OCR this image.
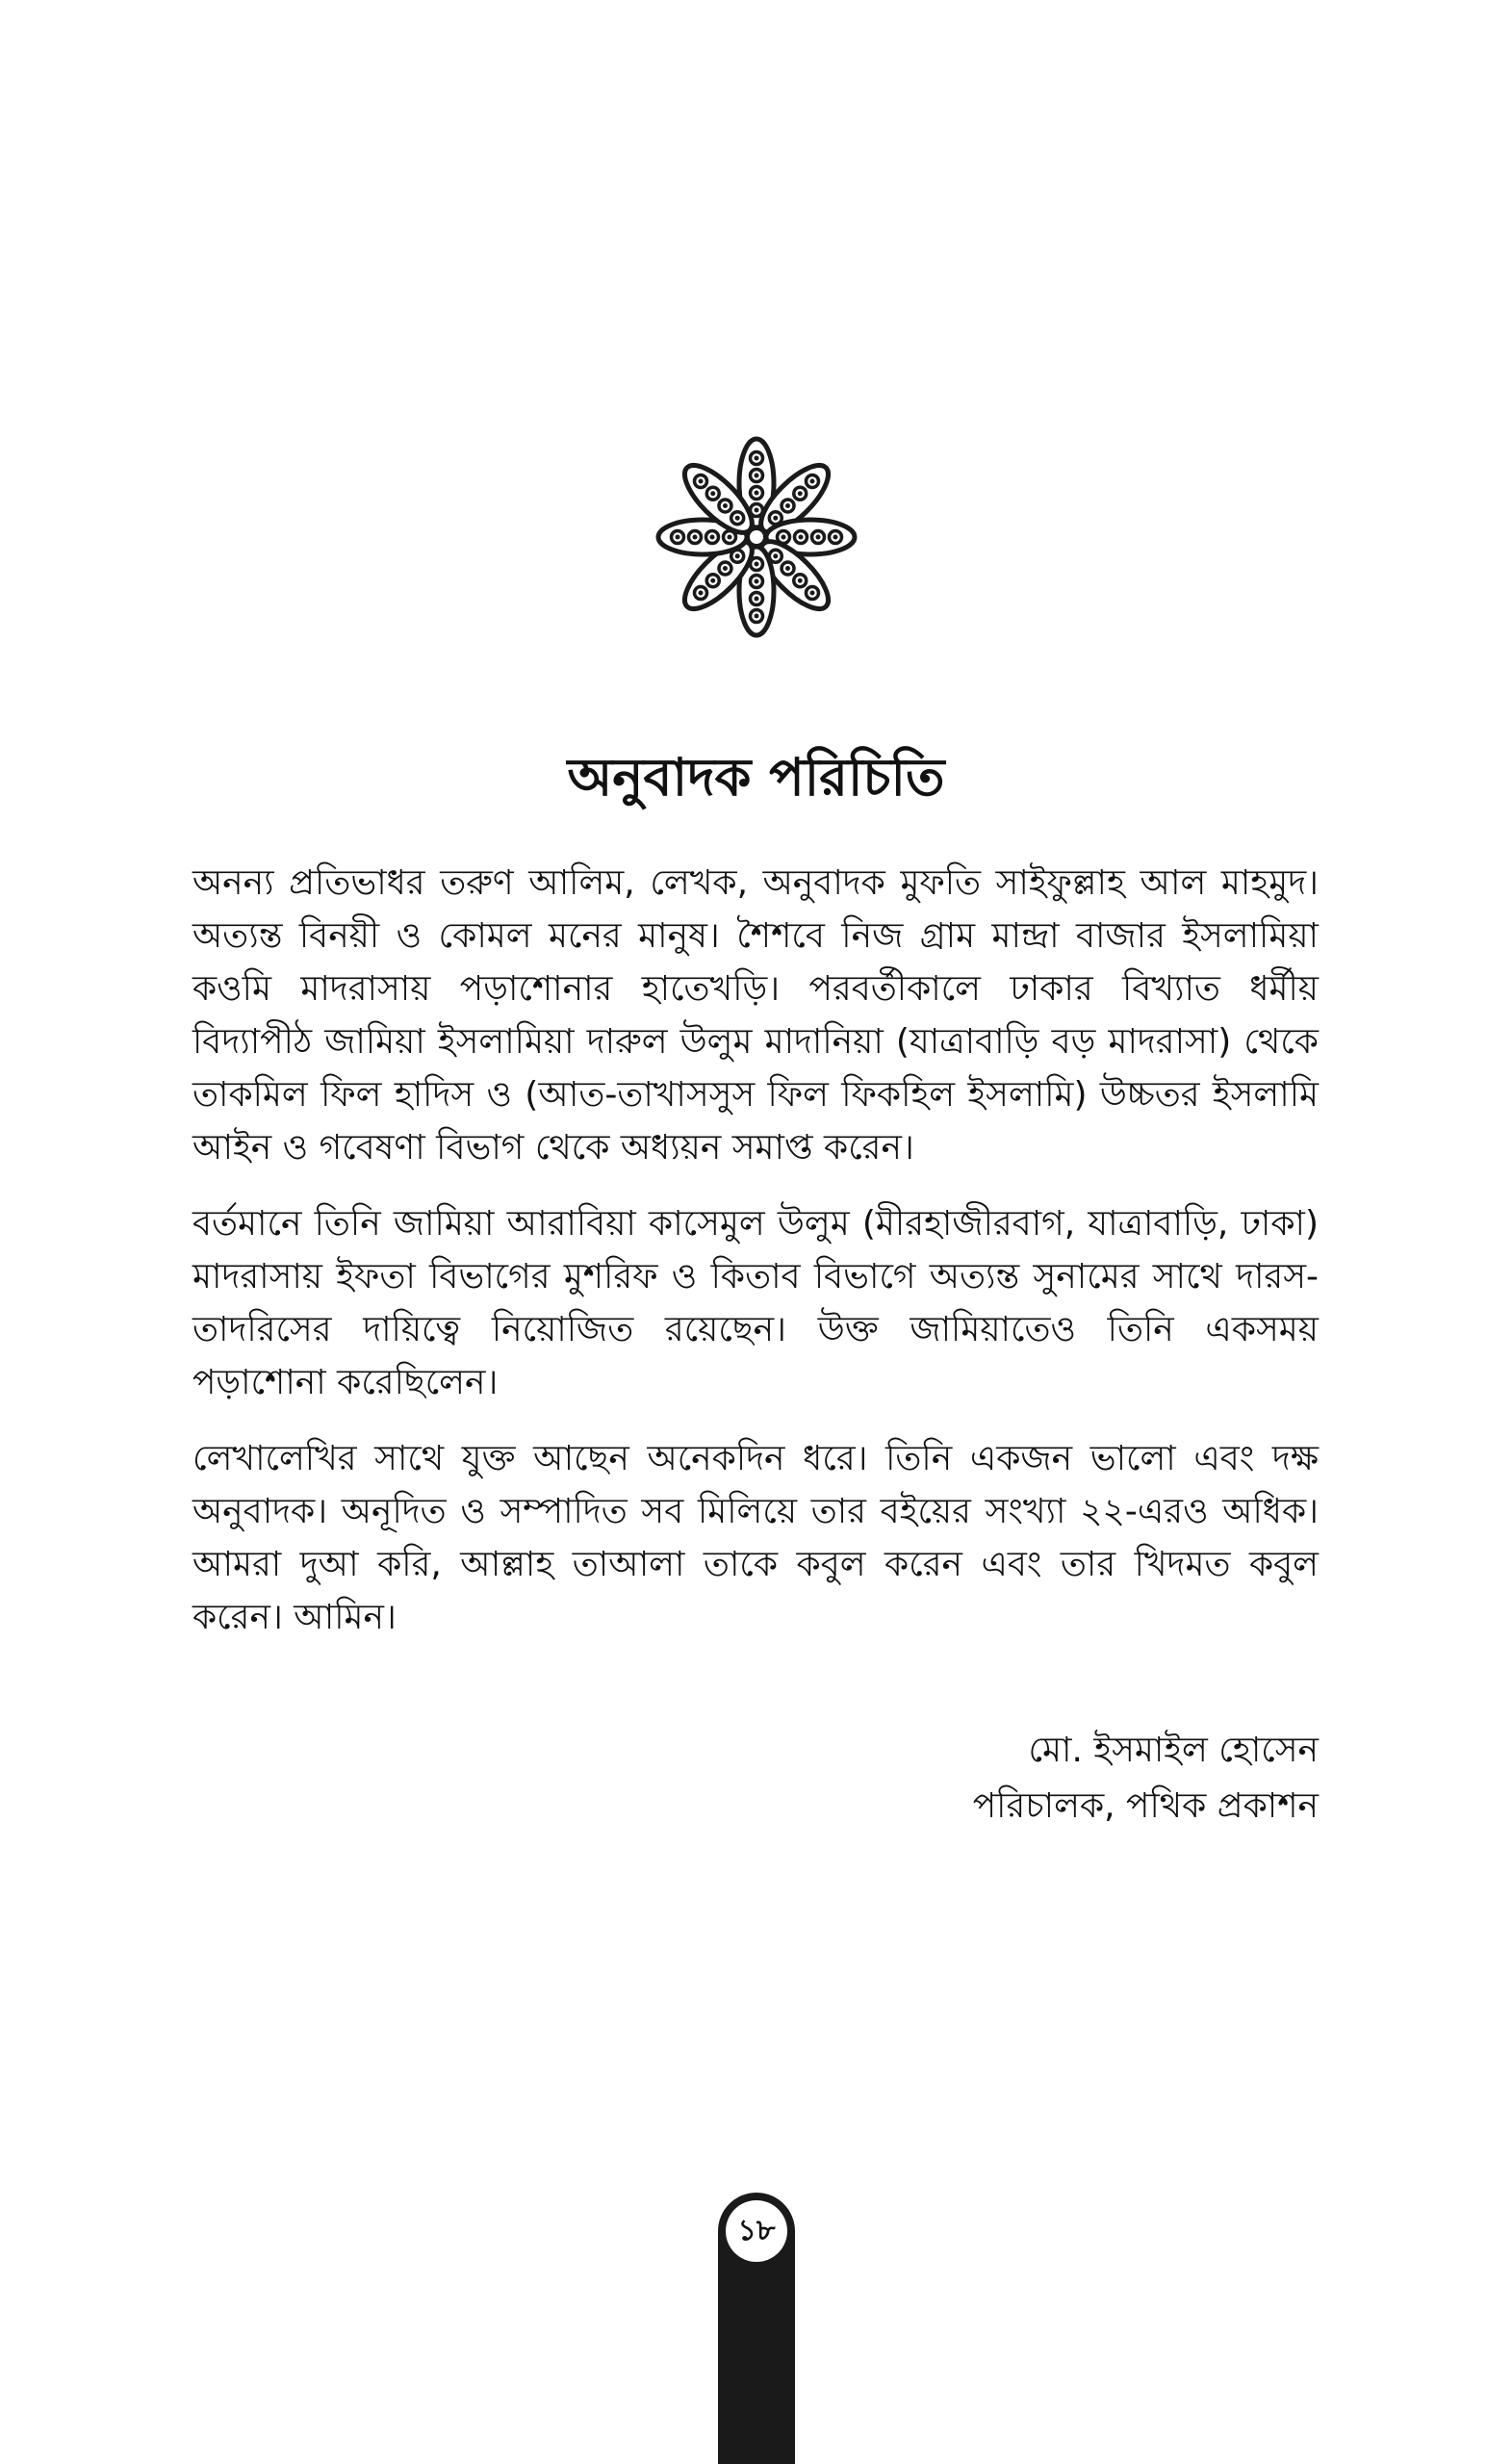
অনুবাদক পরিচিতি

অনন্য প্রতিভাধর তরুণ আলিম, লেখক, অনুবাদক মুফতি সাইফুল্লাহ আল মাহমুদ। অত্যন্ত বিনয়ী ও কোমল মনের মানুষ। শৈশবে নিজ গ্রাম মান্দ্রা বাজার ইসলামিয়া কওমি মাদরাসায় পড়াশোনার হাতেখড়ি। পরবর্তীকালে ঢাকার বিখ্যাত ধর্মীয় বিদ্যাপীঠ জামিয়া ইসলামিয়া দারুল উলুম মাদানিয়া (যাত্রাবাড়ি বড় মাদরাসা) থেকে তাকমিল ফিল হাদিস ও (আত-তাখাসসুস ফিল ফিকহিল ইসলামি) উচ্চতর ইসলামি আইন ও গবেষণা বিভাগ থেকে অধ্যয়ন সমাপ্ত করেন।

বর্তমানে তিনি জামিয়া আরাবিয়া কাসেমুল উলুম (মীরহাজীরবাগ, যাত্রাবাড়ি, ঢাকা) মাদরাসায় ইফতা বিভাগের মুশরিফ ও কিতাব বিভাগে অত্যন্ত সুনামের সাথে দারস-তাদরিসের দায়িত্বে নিয়োজিত রয়েছেন। উক্ত জামিয়াতেও তিনি একসময় পড়াশোনা করেছিলেন।

লেখালেখির সাথে যুক্ত আছেন অনেকদিন ধরে। তিনি একজন ভালো এবং দক্ষ অনুবাদক। অনূদিত ও সম্পাদিত সব মিলিয়ে তার বইয়ের সংখ্যা ২২-এরও অধিক। আমরা দুআ করি, আল্লাহ তাআলা তাকে কবুল করেন এবং তার খিদমত কবুল করেন। আমিন।

মো. ইসমাইল হোসেন
পরিচালক, পথিক প্রকাশন
১৮
